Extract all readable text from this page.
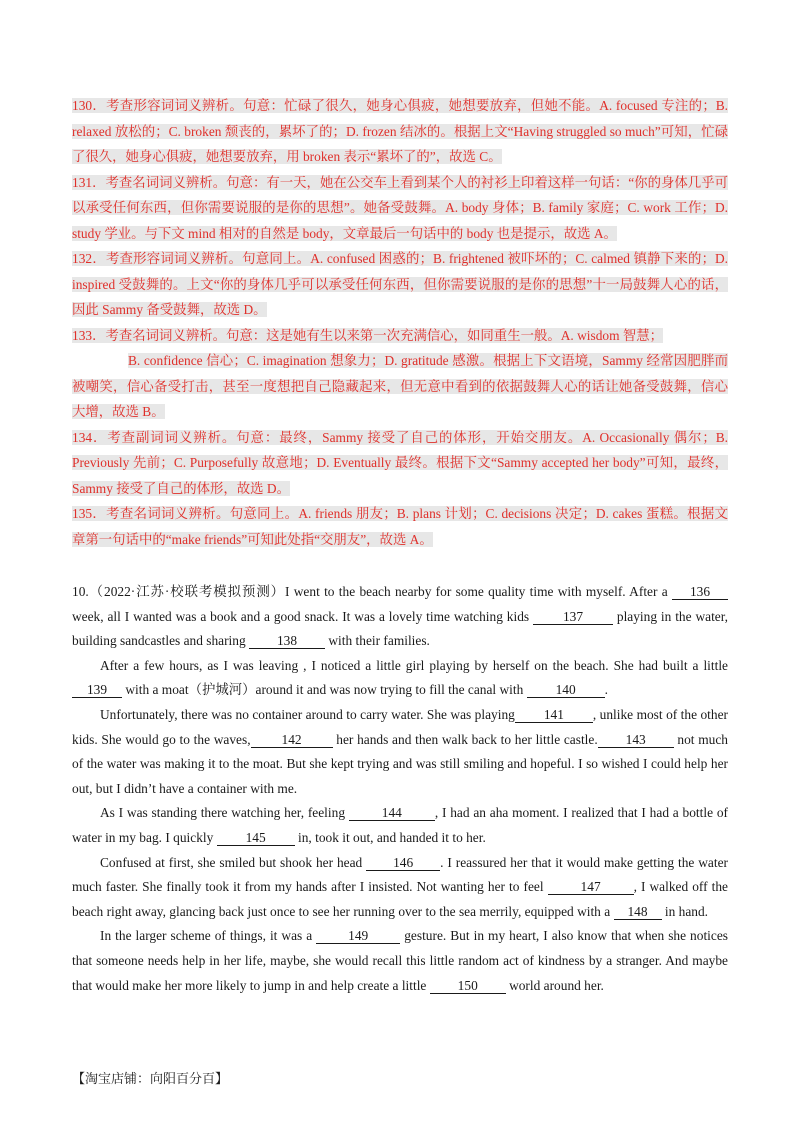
130．考查形容词词义辨析。句意：忙碌了很久，她身心俱疲，她想要放弃，但她不能。A. focused 专注的；B. relaxed 放松的；C. broken 颓丧的，累坏了的；D. frozen 结冰的。根据上文“Having struggled so much”可知，忙碌了很久，她身心俱疲，她想要放弃，用 broken 表示“累坏了的”，故选 C。

131．考查名词词义辨析。句意：有一天，她在公交车上看到某个人的衬衫上印着这样一句话：“你的身体几乎可以承受任何东西，但你需要说服的是你的思想”。她备受鼓舞。A. body 身体；B. family 家庭；C. work 工作；D. study 学业。与下文 mind 相对的自然是 body，文章最后一句话中的 body 也是提示，故选 A。

132．考查形容词词义辨析。句意同上。A. confused 困惑的；B. frightened 被吓坏的；C. calmed 镇静下来的；D. inspired 受鼓舞的。上文“你的身体几乎可以承受任何东西，但你需要说服的是你的思想”十一局鼓舞人心的话，因此 Sammy 备受鼓舞，故选 D。

133．考查名词词义辨析。句意：这是她有生以来第一次充满信心，如同重生一般。A. wisdom 智慧；

B. confidence 信心；C. imagination 想象力；D. gratitude 感激。根据上下文语境，Sammy 经常因肥胖而被嘲笑，信心备受打击，甚至一度想把自己隐藏起来，但无意中看到的依据鼓舞人心的话让她备受鼓舞，信心大增，故选 B。

134．考查副词词义辨析。句意：最终，Sammy 接受了自己的体形，开始交朋友。A. Occasionally 偶尔；B. Previously 先前；C. Purposefully 故意地；D. Eventually 最终。根据下文“Sammy accepted her body”可知，最终，Sammy 接受了自己的体形，故选 D。

135．考查名词词义辨析。句意同上。A. friends 朋友；B. plans 计划；C. decisions 决定；D. cakes 蛋糕。根据文章第一句话中的“make friends”可知此处指“交朋友”，故选 A。

10.（2022·江苏·校联考模拟预测）I went to the beach nearby for some quality time with myself. After a 136 week, all I wanted was a book and a good snack. It was a lovely time watching kids 137 playing in the water, building sandcastles and sharing 138 with their families.

After a few hours, as I was leaving , I noticed a little girl playing by herself on the beach. She had built a little 139 with a moat（护城河）around it and was now trying to fill the canal with 140 .

Unfortunately, there was no container around to carry water. She was playing 141 , unlike most of the other kids. She would go to the waves, 142 her hands and then walk back to her little castle. 143 not much of the water was making it to the moat. But she kept trying and was still smiling and hopeful. I so wished I could help her out, but I didn’t have a container with me.

As I was standing there watching her, feeling 144 , I had an aha moment. I realized that I had a bottle of water in my bag. I quickly 145 in, took it out, and handed it to her.

Confused at first, she smiled but shook her head 146 . I reassured her that it would make getting the water much faster. She finally took it from my hands after I insisted. Not wanting her to feel 147 , I walked off the beach right away, glancing back just once to see her running over to the sea merrily, equipped with a 148 in hand.

In the larger scheme of things, it was a 149 gesture. But in my heart, I also know that when she notices that someone needs help in her life, maybe, she would recall this little random act of kindness by a stranger. And maybe that would make her more likely to jump in and help create a little 150 world around her.

【淘宝店铺：向阳百分百】
